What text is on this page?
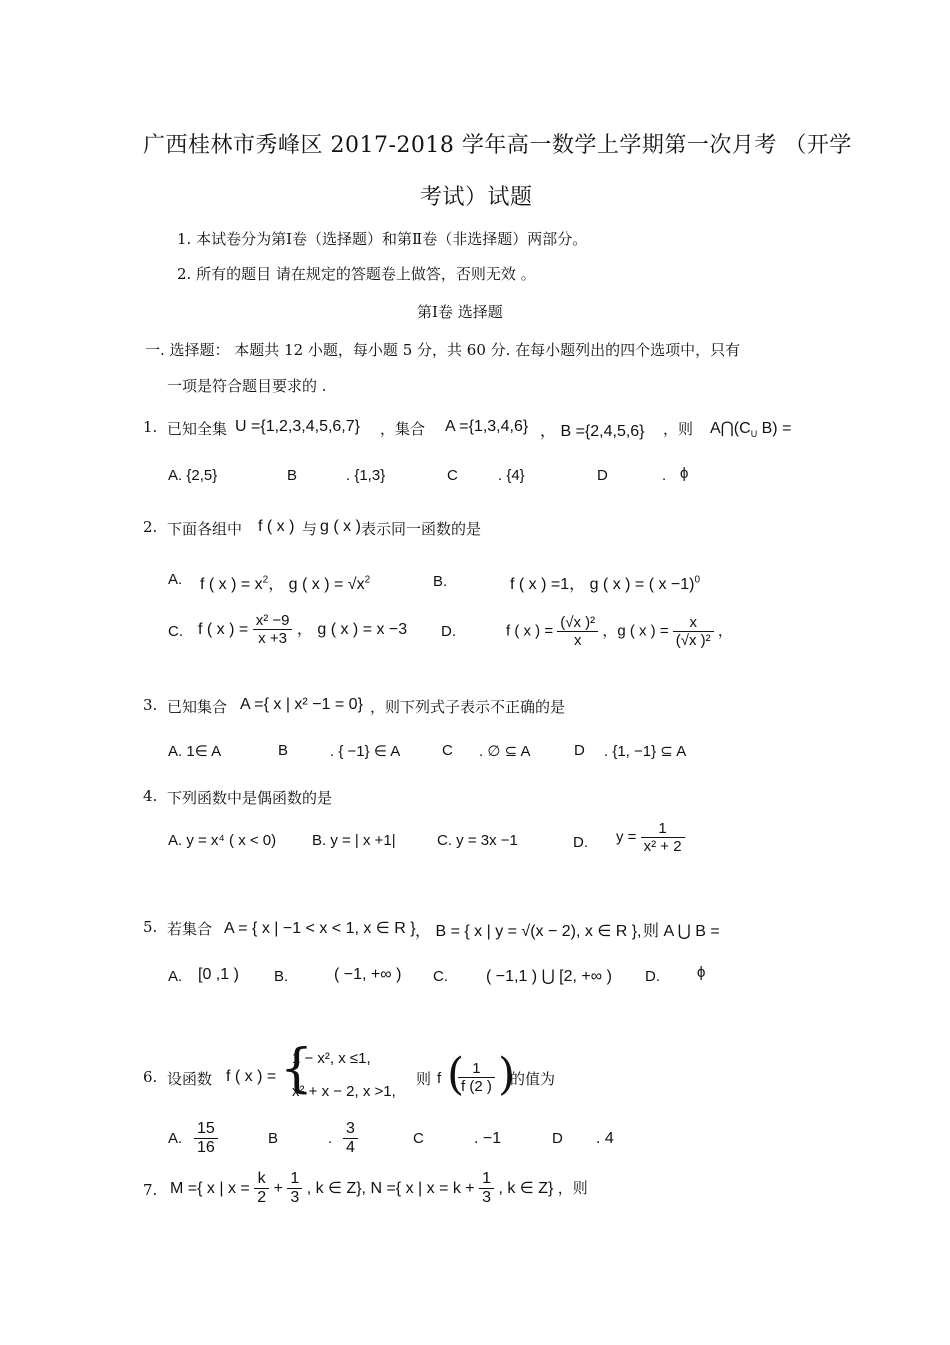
广西桂林市秀峰区 2017-2018 学年高一数学上学期第一次月考 （开学
考试）试题
1. 本试卷分为第Ⅰ卷（选择题）和第Ⅱ卷（非选择题）两部分。
2. 所有的题目 请在规定的答题卷上做答，否则无效 。
第Ⅰ卷 选择题
一. 选择题： 本题共 12 小题，每小题 5 分，共 60 分. 在每小题列出的四个选项中，只有
一项是符合题目要求的 .
1. 已知全集 U ={1,2,3,4,5,6,7} ，集合 A ={1,3,4,6} ， B ={2,4,5,6} ，则 $A⋂(C_U$ B) =
A. {2,5}	B	. {1,3}	C	. {4}	D	. ϕ
2. 下面各组中 f ( x ) 与 g ( x ) 表示同一函数的是
A. f ( x ) = $x^2$， g ( x ) = $√x^2$	B.	f ( x ) =1， g ( x ) = ( x −1)$^0$
C. f ( x ) = $\frac{\text{x² −9}}{x +3}$ ， g ( x ) = x −3 D.	f ( x ) = $\frac{\text{(√x )²}}{x}$ ，g ( x ) = $\frac{x}{\text{(√x )²}}$ ，
3. 已知集合 A ={ x | x² −1 = 0} ，则下列式子表示不正确的是
A. 1∈ A	B	. { −1} ∈ A	C . ∅ ⊆ A	D . {1, −1} ⊆ A
4. 下列函数中是偶函数的是
A. y = x⁴ ( x < 0) B. y = | x +1|	C. y = 3x −1	D. $y = \frac{1}{\text{x² + 2}}$
5. 若集合 A = { x | −1 < x < 1, x ∈ R } ， B = { x | y = √(x − 2), x ∈ R }, 则 A ⋃ B =
A. [0 ,1 ) B.	( −1, +∞ ) C. ( −1,1 ) ⋃ [2, +∞ ) D. ϕ
6. 设函数 f ( x ) = {
1 − x², x ≤1,
x² + x − 2, x >1,
则 f (
$\frac{1}{f (2 )}$ )
的值为
A. $\frac{15}{16}$	B	. $\frac{3}{4}$	C	. −1	D . 4
7. M ={ x | $x = \frac{k}{2} + \frac{1}{3}$ , k ∈ Z}, N ={ x | $x = k + \frac{1}{3}$ , k ∈ Z} ，则
